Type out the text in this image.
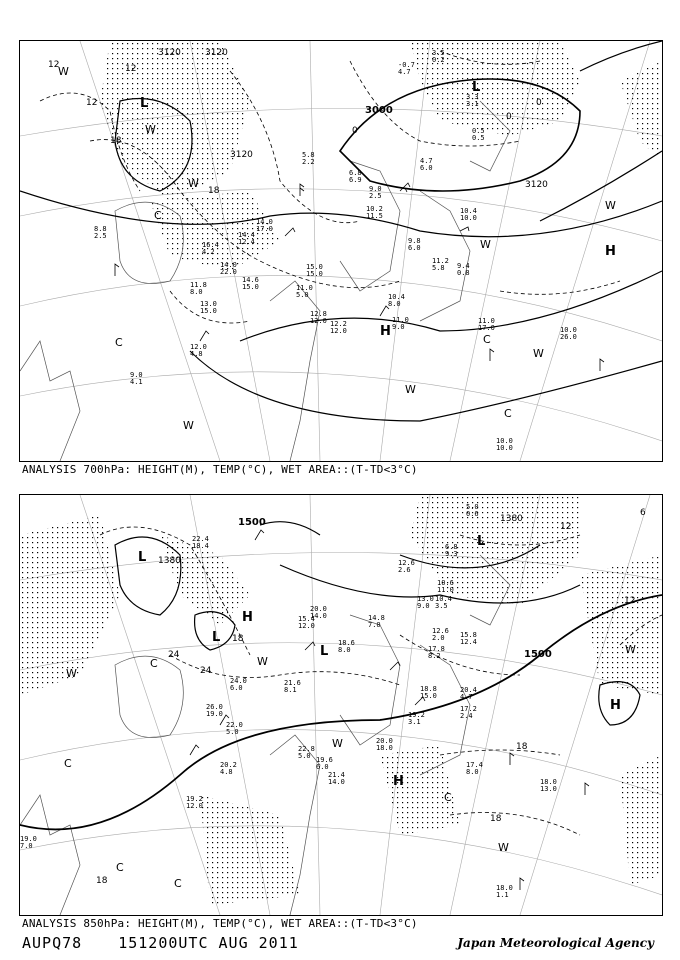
3120	3120
3000
3120
3120
12	12
12
18
18
0
0
0
L
L
H
H
C
C	C
C
W
W
W
W
W
W
W
W
8.8
2.5
14.0
17.0
14.4
12.4
16.4
4.2
14.0
22.0
14.6
15.0
15.0
15.0
11.0
5.0
10.2
11.5
9.8
6.0
11.2
5.8 9.4
0.8
10.4
10.0
11.0
17.0	10.0
26.0
10.0
10.0
11.8
8.0
13.0
15.0	12.8
12.0 12.2
12.0
11.0
9.0
10.4
8.0
9.0
4.1
12.0
4.8
5.8
2.2
6.8
6.9
9.0
2.5
4.7
6.0
-0.7
4.7
3.5
0.2
3.3
3.1
0.5
0.5
ANALYSIS 700hPa: HEIGHT(M), TEMP(°C), WET AREA::(T-TD<3°C)
1500
1380
1380
1500
24
24
18
18
18
18
12
12
6
L
L
L
L
H
H
H
C
C
C
C
C
W
W
W
W
W
22.4
18.4
20.0
14.0
15.4
12.0
18.6
8.0
14.8
7.0
13.0
9.0
12.6
2.0 15.8
12.4
17.8
8.2
20.4
4.7
17.2
2.4
19.2
3.1
20.0
18.0
18.8
15.0
17.4
8.0
18.0
13.0
18.0
1.1
21.4
14.0
22.8
5.0 19.6
6.0
20.2
4.8
22.0
5.0
26.0
19.0
24.0
6.0
21.6
8.1
19.2
12.0
19.0
7.0
10.6
11.0
10.4
3.5
5.0
0.6
6.8
9.3
12.6
2.6
ANALYSIS 850hPa: HEIGHT(M), TEMP(°C), WET AREA::(T-TD<3°C)
AUPQ78 151200UTC AUG 2011	Japan Meteorological Agency
